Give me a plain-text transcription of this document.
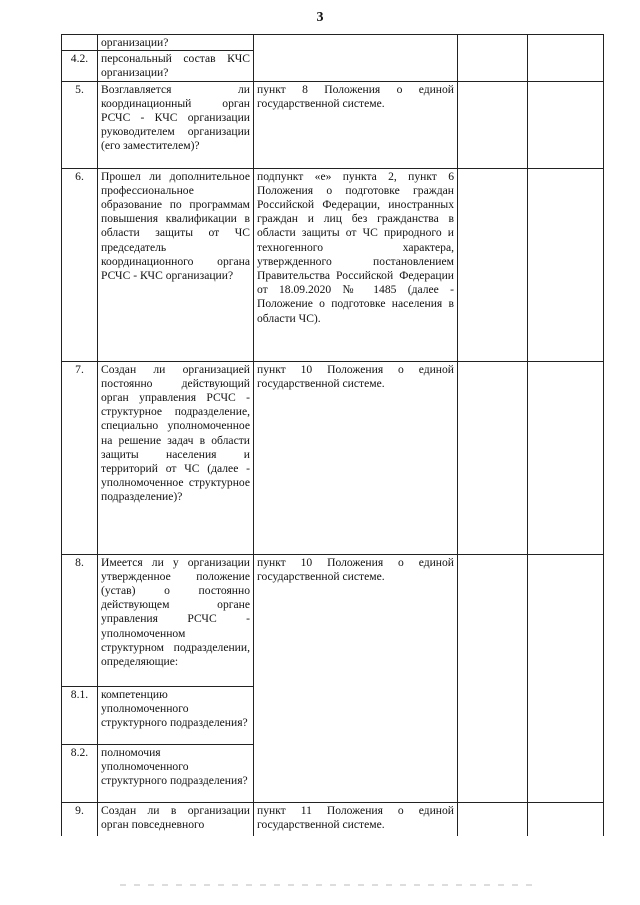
3
	организации?			
4.2.	персональный состав КЧС организации?			
5.	Возглавляется ли координационный орган РСЧС - КЧС организации руководителем организации (его заместителем)?	пункт 8 Положения о единой государственной системе.		
6.	Прошел ли дополнительное профессиональное образование по программам повышения квалификации в области защиты от ЧС председатель координационного органа РСЧС - КЧС организации?	подпункт «е» пункта 2, пункт 6 Положения о подготовке граждан Российской Федерации, иностранных граждан и лиц без гражданства в области защиты от ЧС природного и техногенного характера, утвержденного постановлением Правительства Российской Федерации от 18.09.2020 № 1485 (далее - Положение о подготовке населения в области ЧС).		
7.	Создан ли организацией постоянно действующий орган управления РСЧС - структурное подразделение, специально уполномоченное на решение задач в области защиты населения и территорий от ЧС (далее - уполномоченное структурное подразделение)?	пункт 10 Положения о единой государственной системе.		
8.	Имеется ли у организации утвержденное положение (устав) о постоянно действующем органе управления РСЧС - уполномоченном структурном подразделении, определяющие:	пункт 10 Положения о единой государственной системе.		
8.1.	компетенцию уполномоченного структурного подразделения?			
8.2.	полномочия уполномоченного структурного подразделения?			
9.	Создан ли в организации орган повседневного	пункт 11 Положения о единой государственной системе.		
